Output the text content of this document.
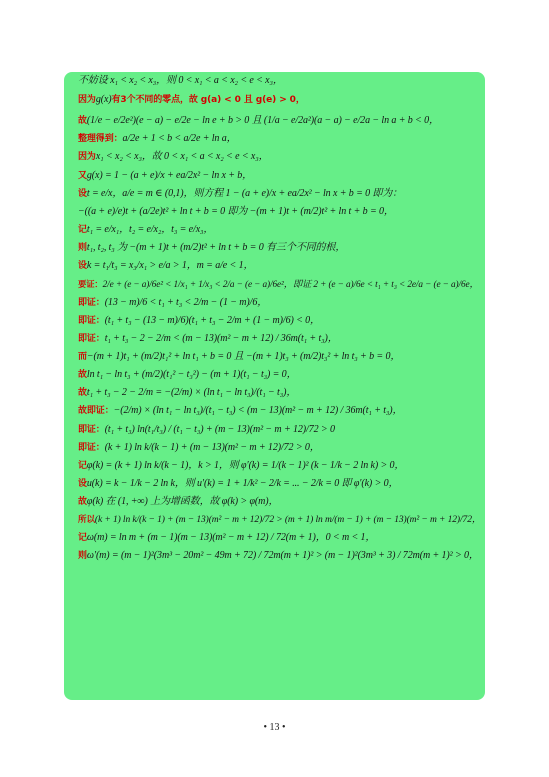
不妨设 x₁ < x₂ < x₃，则 0 < x₁ < a < x₂ < e < x₃，
因为g(x)有3个不同的零点，故 g(a) < 0 且 g(e) > 0，
故(1/e − e/2e²)(e − a) − e/2e − ln e + b > 0 且 (1/a − e/2a²)(a − a) − e/2a − ln a + b < 0，
整理得到：a/2e + 1 < b < a/2e + ln a，
因为x₁ < x₂ < x₃，故 0 < x₁ < a < x₂ < e < x₃，
又g(x) = 1 − (a + e)/x + ea/2x² − ln x + b，
设t = e/x，a/e = m ∈ (0,1)，则方程 1 − (a + e)/x + ea/2x² − ln x + b = 0 即为：
−((a + e)/e)t + (a/2e)t² + ln t + b = 0 即为 −(m + 1)t + (m/2)t² + ln t + b = 0，
记t₁ = e/x₁，t₂ = e/x₂，t₃ = e/x₃，
则t₁, t₂, t₃ 为 −(m + 1)t + (m/2)t² + ln t + b = 0 有三个不同的根，
设k = t₁/t₃ = x₃/x₁ > e/a > 1，m = a/e < 1，
要证：2/e + (e − a)/6e² < 1/x₁ + 1/x₃ < 2/a − (e − a)/6e²，即证 2 + (e − a)/6e < t₁ + t₃ < 2e/a − (e − a)/6e，
即证：(13 − m)/6 < t₁ + t₃ < 2/m − (1 − m)/6，
即证：(t₁ + t₃ − (13 − m)/6)(t₁ + t₃ − 2/m + (1 − m)/6) < 0，
即证：t₁ + t₃ − 2 − 2/m < (m − 13)(m² − m + 12) / 36m(t₁ + t₃)，
而−(m + 1)t₁ + (m/2)t₁² + ln t₁ + b = 0 且 −(m + 1)t₃ + (m/2)t₃² + ln t₃ + b = 0，
故ln t₁ − ln t₃ + (m/2)(t₁² − t₃²) − (m + 1)(t₁ − t₃) = 0，
故t₁ + t₃ − 2 − 2/m = −(2/m) × (ln t₁ − ln t₃)/(t₁ − t₃)，
故即证：−(2/m) × (ln t₁ − ln t₃)/(t₁ − t₃) < (m − 13)(m² − m + 12) / 36m(t₁ + t₃)，
即证：(t₁ + t₃) ln(t₁/t₃) / (t₁ − t₃) + (m − 13)(m² − m + 12)/72 > 0
即证：(k + 1) ln k/(k − 1) + (m − 13)(m² − m + 12)/72 > 0，
记φ(k) = (k + 1) ln k/(k − 1)，k > 1，则 φ′(k) = 1/(k − 1)² (k − 1/k − 2 ln k) > 0，
设u(k) = k − 1/k − 2 ln k，则 u′(k) = 1 + 1/k² − 2/k = ... − 2/k = 0 即 φ′(k) > 0，
故φ(k) 在 (1, +∞) 上为增函数，故 φ(k) > φ(m)，
所以(k + 1) ln k/(k − 1) + (m − 13)(m² − m + 12)/72 > (m + 1) ln m/(m − 1) + (m − 13)(m² − m + 12)/72，
记ω(m) = ln m + (m − 1)(m − 13)(m² − m + 12) / 72(m + 1)，0 < m < 1，
则ω′(m) = (m − 1)²(3m³ − 20m² − 49m + 72) / 72m(m + 1)² > (m − 1)²(3m³ + 3) / 72m(m + 1)² > 0，
• 13 •
